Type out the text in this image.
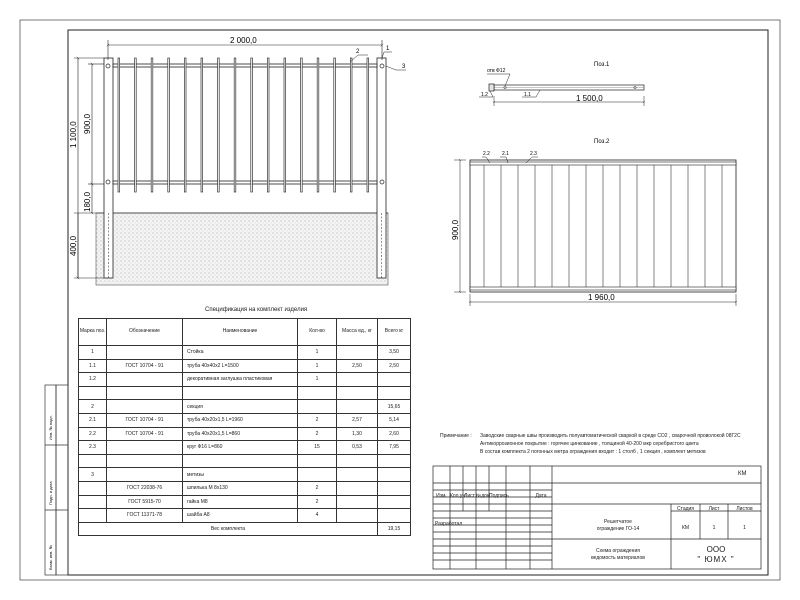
Инв. № подл.
Подп. и дата
Взам. инв. №
2 000,0
1 100,0 900,0
180,0
400,0
2	1
3	Поз.1
отв Ф12
1.2	1.1	1 500,0
Поз.2
2.2 2.1	2.3
900,0
1 960,0
Спецификация на комплект изделия
Марка поз.	Обозначение	Наименование	Кол-во	Масса ед., кг	Всего кг
1		Стойка	1		3,50
1.1	ГОСТ 10704 - 91	труба 40х40х2 L=1500	1	2,50	2,50
1.2		декоративная заглушка пластиковая	1		

2		секция			15,65
2.1	ГОСТ 10704 - 91	труба 40х20х1,5 L=1960	2	2,57	5,14
2.2	ГОСТ 10704 - 91	труба 40х20х1,5 L=860	2	1,30	2,60
2.3		круг Ф16 L=860	15	0,53	7,95

3		метизы			
	ГОСТ 22038-76	шпилька М 8х130	2		
	ГОСТ 5915-70	гайка М8	2		
	ГОСТ 11371-78	шайба А8	4		
Вес комплекта					19,15
Примечание : Заводские сварные швы производить полуавтоматической сваркой в среде СО2 , сварочной проволокой 08Г2С
Антикоррозионное покрытие : горячее цинкование , толщиной 40-200 мкр серебристого цвета
В состав комплекта 2 погонных метра ограждения входит : 1 столб , 1 секция , комплект метизов
КМ
Изм. Кол.уч Лист №док.
Подпись	Дата
Разработал	Решетчатое
ограждение ГО-14
Стадия	Лист	Листов
КМ	1	1
Схема ограждения
ведомость материалов
ООО
" ЮМХ "
